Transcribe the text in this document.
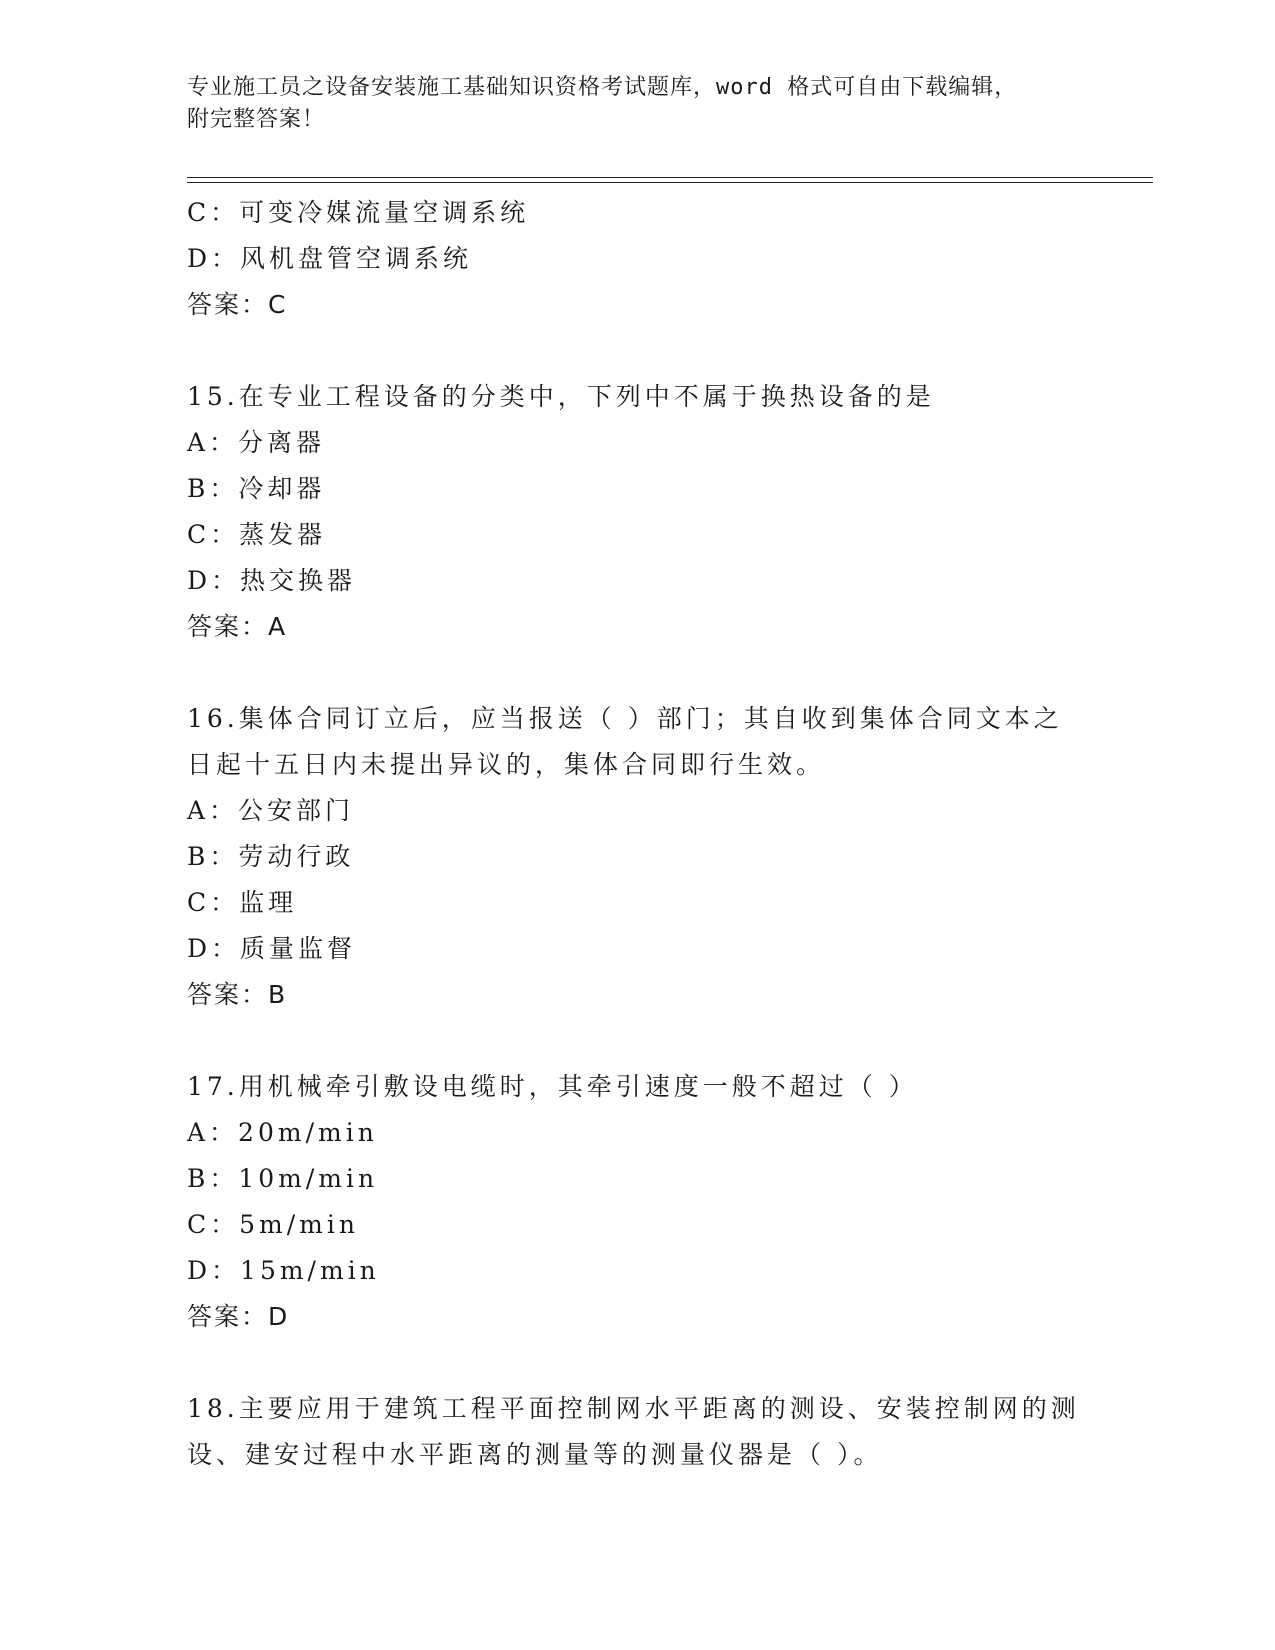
专业施工员之设备安装施工基础知识资格考试题库，word 格式可自由下载编辑，
附完整答案！
C：可变冷媒流量空调系统
D：风机盘管空调系统
答案：C
15.在专业工程设备的分类中，下列中不属于换热设备的是
A：分离器
B：冷却器
C：蒸发器
D：热交换器
答案：A
16.集体合同订立后，应当报送（ ）部门；其自收到集体合同文本之
日起十五日内未提出异议的，集体合同即行生效。
A：公安部门
B：劳动行政
C：监理
D：质量监督
答案：B
17.用机械牵引敷设电缆时，其牵引速度一般不超过（ ）
A：20m/min
B：10m/min
C：5m/min
D：15m/min
答案：D
18.主要应用于建筑工程平面控制网水平距离的测设、安装控制网的测
设、建安过程中水平距离的测量等的测量仪器是（ ）。
